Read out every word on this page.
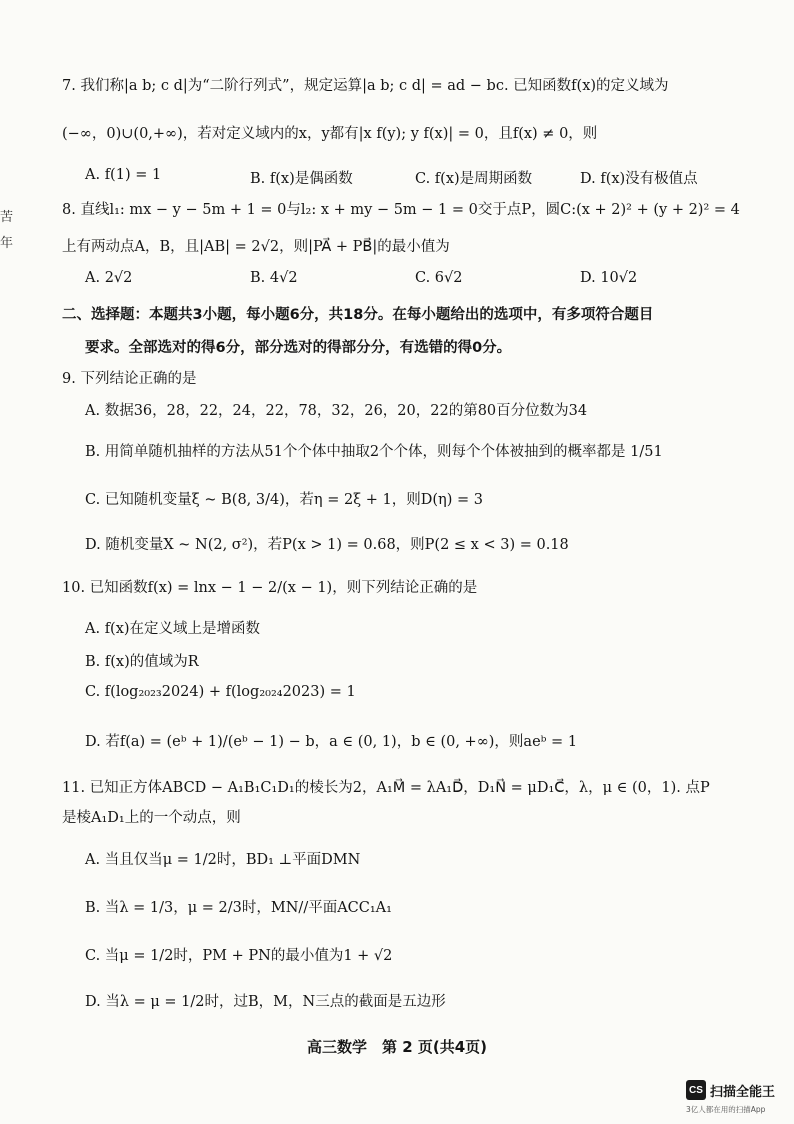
苦
年
7. 我们称|a b; c d|为“二阶行列式”，规定运算|a b; c d| = ad − bc. 已知函数f(x)的定义域为
(−∞，0)∪(0,+∞)，若对定义域内的x，y都有|x f(y); y f(x)| = 0，且f(x) ≠ 0，则
A. f(1) = 1	B. f(x)是偶函数	C. f(x)是周期函数	D. f(x)没有极值点
8. 直线l₁: mx − y − 5m + 1 = 0与l₂: x + my − 5m − 1 = 0交于点P，圆C:(x + 2)² + (y + 2)² = 4
上有两动点A，B，且|AB| = 2√2，则|PA⃗ + PB⃗|的最小值为
A. 2√2	B. 4√2	C. 6√2	D. 10√2
二、选择题：本题共3小题，每小题6分，共18分。在每小题给出的选项中，有多项符合题目
要求。全部选对的得6分，部分选对的得部分分，有选错的得0分。
9. 下列结论正确的是
A. 数据36，28，22，24，22，78，32，26，20，22的第80百分位数为34
B. 用简单随机抽样的方法从51个个体中抽取2个个体，则每个个体被抽到的概率都是 1/51
C. 已知随机变量ξ ~ B(8, 3/4)，若η = 2ξ + 1，则D(η) = 3
D. 随机变量X ~ N(2, σ²)，若P(x > 1) = 0.68，则P(2 ≤ x < 3) = 0.18
10. 已知函数f(x) = lnx − 1 − 2/(x − 1)，则下列结论正确的是
A. f(x)在定义域上是增函数
B. f(x)的值域为R
C. f(log₂₀₂₃2024) + f(log₂₀₂₄2023) = 1
D. 若f(a) = (eᵇ + 1)/(eᵇ − 1) − b，a ∈ (0, 1)，b ∈ (0, +∞)，则aeᵇ = 1
11. 已知正方体ABCD − A₁B₁C₁D₁的棱长为2，A₁M⃗ = λA₁D⃗，D₁N⃗ = μD₁C⃗，λ，μ ∈ (0，1). 点P
是棱A₁D₁上的一个动点，则
A. 当且仅当μ = 1/2时，BD₁ ⊥平面DMN
B. 当λ = 1/3，μ = 2/3时，MN//平面ACC₁A₁
C. 当μ = 1/2时，PM + PN的最小值为1 + √2
D. 当λ = μ = 1/2时，过B，M，N三点的截面是五边形
高三数学　第 2 页(共4页)
CS 扫描全能王
3亿人都在用的扫描App
